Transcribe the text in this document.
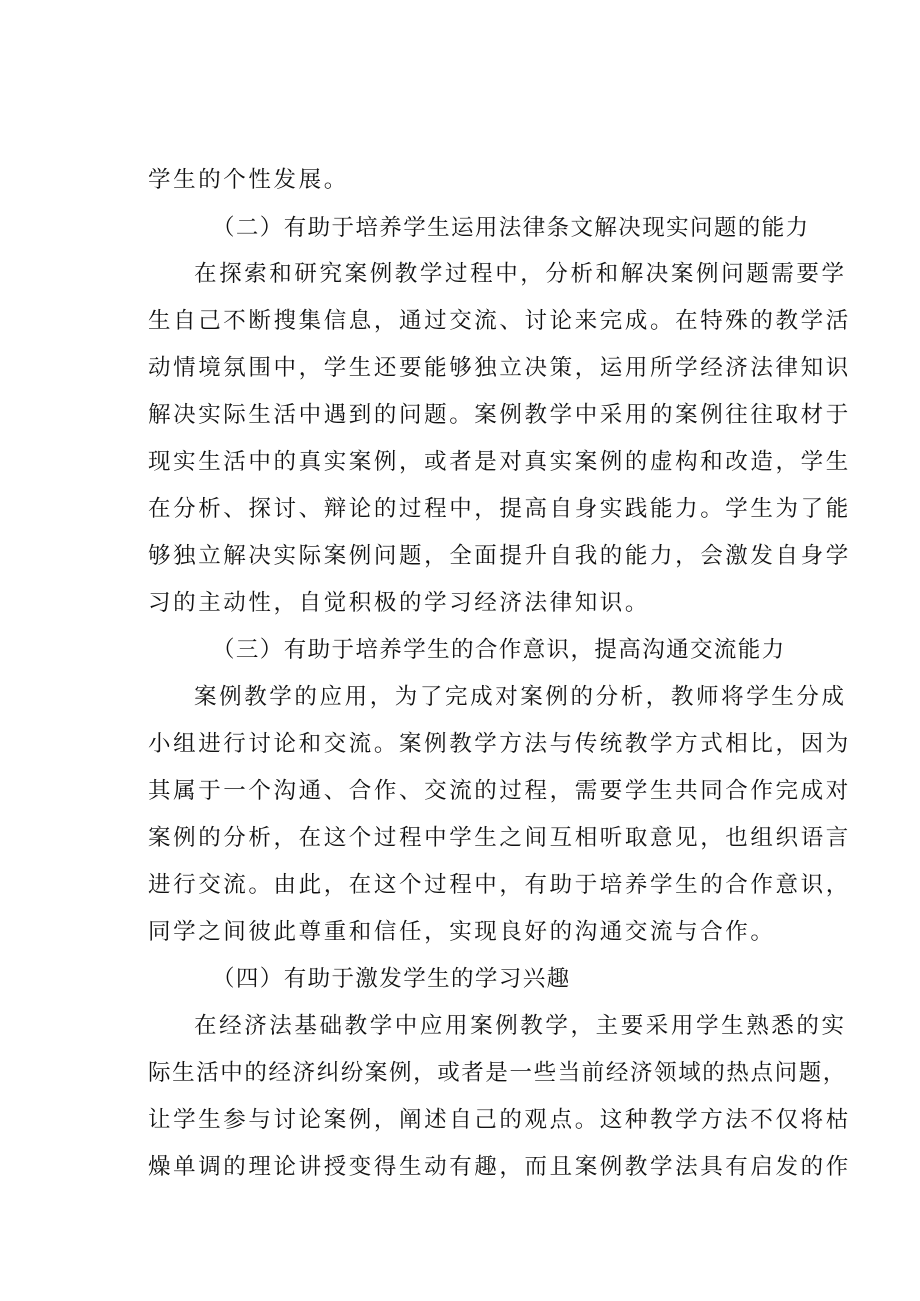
学生的个性发展。
（二）有助于培养学生运用法律条文解决现实问题的能力
在探索和研究案例教学过程中，分析和解决案例问题需要学
生自己不断搜集信息，通过交流、讨论来完成。在特殊的教学活
动情境氛围中，学生还要能够独立决策，运用所学经济法律知识
解决实际生活中遇到的问题。案例教学中采用的案例往往取材于
现实生活中的真实案例，或者是对真实案例的虚构和改造，学生
在分析、探讨、辩论的过程中，提高自身实践能力。学生为了能
够独立解决实际案例问题，全面提升自我的能力，会激发自身学
习的主动性，自觉积极的学习经济法律知识。
（三）有助于培养学生的合作意识，提高沟通交流能力
案例教学的应用，为了完成对案例的分析，教师将学生分成
小组进行讨论和交流。案例教学方法与传统教学方式相比，因为
其属于一个沟通、合作、交流的过程，需要学生共同合作完成对
案例的分析，在这个过程中学生之间互相听取意见，也组织语言
进行交流。由此，在这个过程中，有助于培养学生的合作意识，
同学之间彼此尊重和信任，实现良好的沟通交流与合作。
（四）有助于激发学生的学习兴趣
在经济法基础教学中应用案例教学，主要采用学生熟悉的实
际生活中的经济纠纷案例，或者是一些当前经济领域的热点问题，
让学生参与讨论案例，阐述自己的观点。这种教学方法不仅将枯
燥单调的理论讲授变得生动有趣，而且案例教学法具有启发的作
